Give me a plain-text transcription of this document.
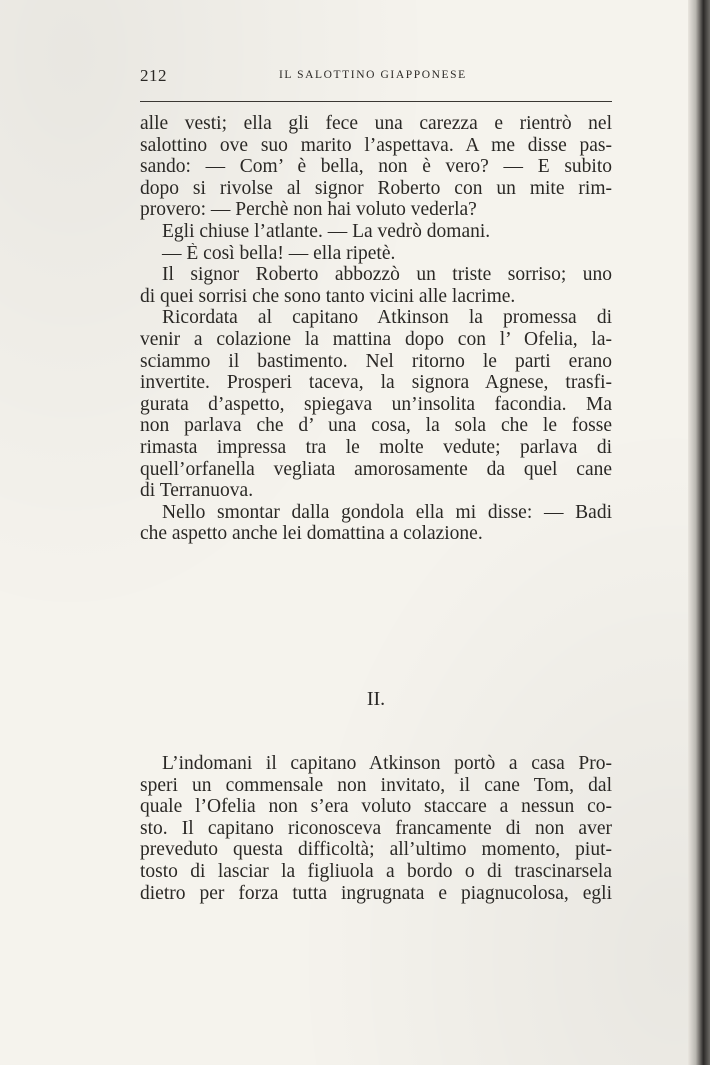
212	IL SALOTTINO GIAPPONESE
alle vesti; ella gli fece una carezza e rientrò nel
salottino ove suo marito l’aspettava. A me disse pas-
sando: — Com’ è bella, non è vero? — E subito
dopo si rivolse al signor Roberto con un mite rim-
provero: — Perchè non hai voluto vederla?
Egli chiuse l’atlante. — La vedrò domani.
— È così bella! — ella ripetè.
Il signor Roberto abbozzò un triste sorriso; uno
di quei sorrisi che sono tanto vicini alle lacrime.
Ricordata al capitano Atkinson la promessa di
venir a colazione la mattina dopo con l’ Ofelia, la-
sciammo il bastimento. Nel ritorno le parti erano
invertite. Prosperi taceva, la signora Agnese, trasfi-
gurata d’aspetto, spiegava un’insolita facondia. Ma
non parlava che d’ una cosa, la sola che le fosse
rimasta impressa tra le molte vedute; parlava di
quell’orfanella vegliata amorosamente da quel cane
di Terranuova.
Nello smontar dalla gondola ella mi disse: — Badi
che aspetto anche lei domattina a colazione.
II.
L’indomani il capitano Atkinson portò a casa Pro-
speri un commensale non invitato, il cane Tom, dal
quale l’Ofelia non s’era voluto staccare a nessun co-
sto. Il capitano riconosceva francamente di non aver
preveduto questa difficoltà; all’ultimo momento, piut-
tosto di lasciar la figliuola a bordo o di trascinarsela
dietro per forza tutta ingrugnata e piagnucolosa, egli
